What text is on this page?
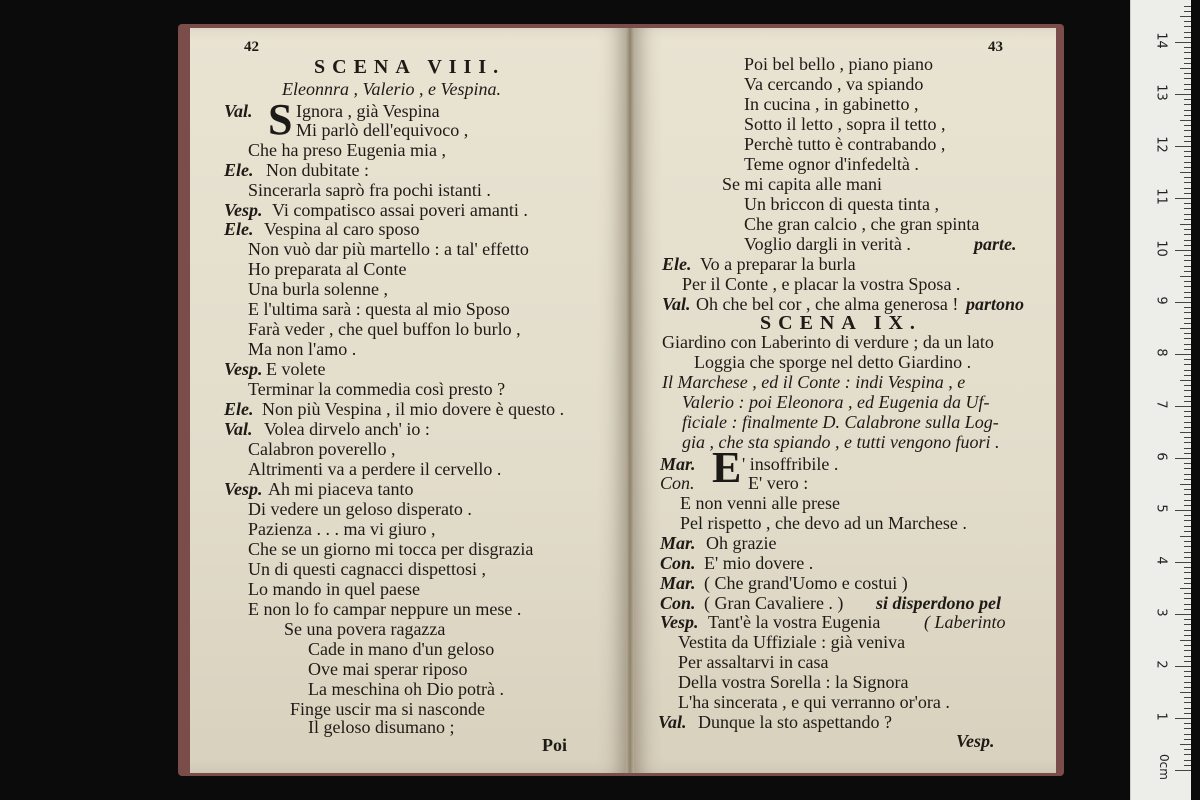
42
SCENA VIII.
Eleonnra , Valerio , e Vespina.
S
Val. Ignora , già Vespina
Mi parlò dell'equivoco ,
Che ha preso Eugenia mia ,
Ele. Non dubitate :
Sincerarla saprò fra pochi istanti .
Vesp. Vi compatisco assai poveri amanti .
Ele. Vespina al caro sposo
Non vuò dar più martello : a tal' effetto
Ho preparata al Conte
Una burla solenne ,
E l'ultima sarà : questa al mio Sposo
Farà veder , che quel buffon lo burlo ,
Ma non l'amo .
Vesp. E volete
Terminar la commedia così presto ?
Ele. Non più Vespina , il mio dovere è questo .
Val. Volea dirvelo anch' io :
Calabron poverello ,
Altrimenti va a perdere il cervello .
Vesp. Ah mi piaceva tanto
Di vedere un geloso disperato .
Pazienza . . . ma vi giuro ,
Che se un giorno mi tocca per disgrazia
Un di questi cagnacci dispettosi ,
Lo mando in quel paese
E non lo fo campar neppure un mese .
Se una povera ragazza
Cade in mano d'un geloso
Ove mai sperar riposo
La meschina oh Dio potrà .
Finge uscir ma si nasconde
Il geloso disumano ;
Poi
43
Poi bel bello , piano piano
Va cercando , va spiando
In cucina , in gabinetto ,
Sotto il letto , sopra il tetto ,
Perchè tutto è contrabando ,
Teme ognor d'infedeltà .
Se mi capita alle mani
Un briccon di questa tinta ,
Che gran calcio , che gran spinta
Voglio dargli in verità .	parte.
Ele. Vo a preparar la burla
Per il Conte , e placar la vostra Sposa .
Val. Oh che bel cor , che alma generosa ! partono
SCENA IX.
Giardino con Laberinto di verdure ; da un lato
Loggia che sporge nel detto Giardino .
Il Marchese , ed il Conte : indi Vespina , e
Valerio : poi Eleonora , ed Eugenia da Uf-
ficiale : finalmente D. Calabrone sulla Log-
gia , che sta spiando , e tutti vengono fuori .
E
Mar.	' insoffribile .
Con.	E' vero :
E non venni alle prese
Pel rispetto , che devo ad un Marchese .
Mar. Oh grazie
Con. E' mio dovere .
Mar. ( Che grand'Uomo e costui )
Con. ( Gran Cavaliere . ) si disperdono pel
Vesp. Tant'è la vostra Eugenia ( Laberinto
Vestita da Uffiziale : già veniva
Per assaltarvi in casa
Della vostra Sorella : la Signora
L'ha sincerata , e qui verranno or'ora .
Val. Dunque la sto aspettando ?
Vesp.
14
13
12
11
10
9
8
7
6
5
4
3
2
1
0cm
